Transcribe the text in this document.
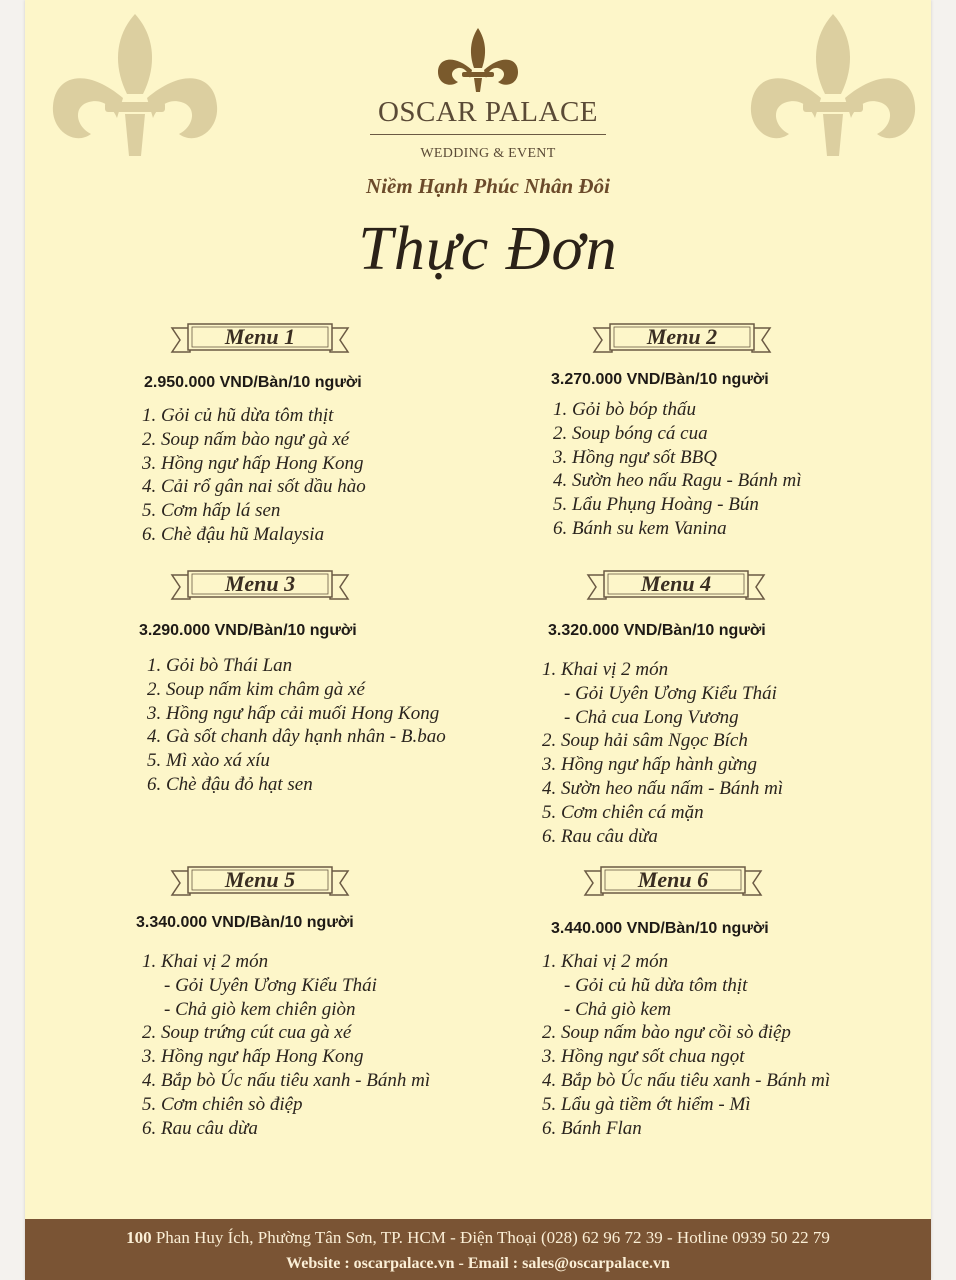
OSCAR PALACE
WEDDING & EVENT
Niềm Hạnh Phúc Nhân Đôi
Thực Đơn
Menu 1
2.950.000 VND/Bàn/10 người
1. Gỏi củ hũ dừa tôm thịt
2. Soup nấm bào ngư gà xé
3. Hồng ngư hấp Hong Kong
4. Cải rổ gân nai sốt dầu hào
5. Cơm hấp lá sen
6. Chè đậu hũ Malaysia
Menu 2
3.270.000 VND/Bàn/10 người
1. Gỏi bò bóp thấu
2. Soup bóng cá cua
3. Hồng ngư sốt BBQ
4. Sườn heo nấu Ragu - Bánh mì
5. Lẩu Phụng Hoàng - Bún
6. Bánh su kem Vanina
Menu 3
3.290.000 VND/Bàn/10 người
1. Gỏi bò Thái Lan
2. Soup nấm kim châm gà xé
3. Hồng ngư hấp cải muối Hong Kong
4. Gà sốt chanh dây hạnh nhân - B.bao
5. Mì xào xá xíu
6. Chè đậu đỏ hạt sen
Menu 4
3.320.000 VND/Bàn/10 người
1. Khai vị 2 món
- Gỏi Uyên Ương Kiểu Thái
- Chả cua Long Vương
2. Soup hải sâm Ngọc Bích
3. Hồng ngư hấp hành gừng
4. Sườn heo nấu nấm - Bánh mì
5. Cơm chiên cá mặn
6. Rau câu dừa
Menu 5
3.340.000 VND/Bàn/10 người
1. Khai vị 2 món
- Gỏi Uyên Ương Kiểu Thái
- Chả giò kem chiên giòn
2. Soup trứng cút cua gà xé
3. Hồng ngư hấp Hong Kong
4. Bắp bò Úc nấu tiêu xanh - Bánh mì
5. Cơm chiên sò điệp
6. Rau câu dừa
Menu 6
3.440.000 VND/Bàn/10 người
1. Khai vị 2 món
- Gỏi củ hũ dừa tôm thịt
- Chả giò kem
2. Soup nấm bào ngư cồi sò điệp
3. Hồng ngư sốt chua ngọt
4. Bắp bò Úc nấu tiêu xanh - Bánh mì
5. Lẩu gà tiềm ớt hiểm - Mì
6. Bánh Flan
100 Phan Huy Ích, Phường Tân Sơn, TP. HCM - Điện Thoại (028) 62 96 72 39 - Hotline 0939 50 22 79
Website : oscarpalace.vn - Email : sales@oscarpalace.vn
